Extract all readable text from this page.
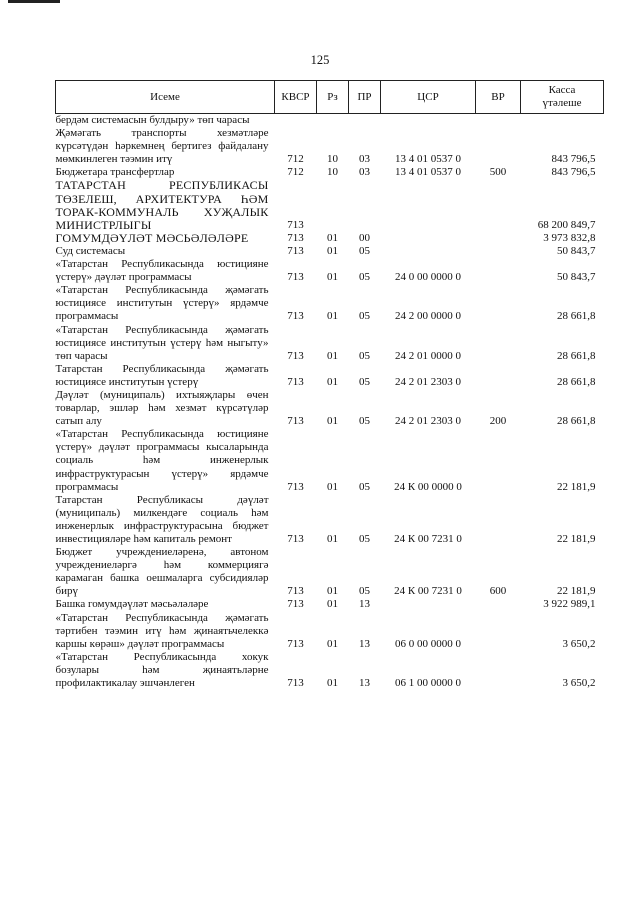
125
Исеме	КВСР	Рз	ПР	ЦСР	ВР	Касса
үтәлеше

бердәм системасын булдыру» төп чарасы						
Җәмәгать транспорты хезмәтләре күрсәтүдән һәркемнең бертигез файдалану мөмкинлеген тәэмин итү	712	10	03	13 4 01 0537 0		843 796,5
Бюджетара трансфертлар	712	10	03	13 4 01 0537 0	500	843 796,5
ТАТАРСТАН РЕСПУБЛИКАСЫ ТӨЗЕЛЕШ, АРХИТЕКТУРА ҺӘМ ТОРАК-КОММУНАЛЬ ХУҖАЛЫК МИНИСТРЛЫГЫ	713					68 200 849,7
ГОМУМДӘҮЛӘТ МӘСЬӘЛӘЛӘРЕ	713	01	00			3 973 832,8
Суд системасы	713	01	05			50 843,7
«Татарстан Республикасында юстицияне үстерү» дәүләт программасы	713	01	05	24 0 00 0000 0		50 843,7
«Татарстан Республикасында җәмәгать юстициясе институтын үстерү» ярдәмче программасы	713	01	05	24 2 00 0000 0		28 661,8
«Татарстан Республикасында җәмәгать юстициясе институтын үстерү һәм ныгыту» төп чарасы	713	01	05	24 2 01 0000 0		28 661,8
Татарстан Республикасында җәмәгать юстициясе институтын үстерү	713	01	05	24 2 01 2303 0		28 661,8
Дәүләт (муниципаль) ихтыяҗлары өчен товарлар, эшләр һәм хезмәт күрсәтүләр сатып алу	713	01	05	24 2 01 2303 0	200	28 661,8
«Татарстан Республикасында юстицияне үстерү» дәүләт программасы кысаларында социаль һәм инженерлык инфраструктурасын үстерү» ярдәмче программасы	713	01	05	24 К 00 0000 0		22 181,9
Татарстан Республикасы дәүләт (муниципаль) милкендәге социаль һәм инженерлык инфраструктурасына бюджет инвестицияләре һәм капиталь ремонт	713	01	05	24 К 00 7231 0		22 181,9
Бюджет учреждениеләренә, автоном учреждениеләргә һәм коммерциягә карамаган башка оешмаларга субсидияләр бирү	713	01	05	24 К 00 7231 0	600	22 181,9
Башка гомумдәүләт мәсьәләләре	713	01	13			3 922 989,1
«Татарстан Республикасында җәмәгать тәртибен тәэмин итү һәм җинаятьчелеккә каршы көрәш» дәүләт программасы	713	01	13	06 0 00 0000 0		3 650,2
«Татарстан Республикасында хокук бозулары һәм җинаятьләрне профилактикалау эшчәнлеген	713	01	13	06 1 00 0000 0		3 650,2
